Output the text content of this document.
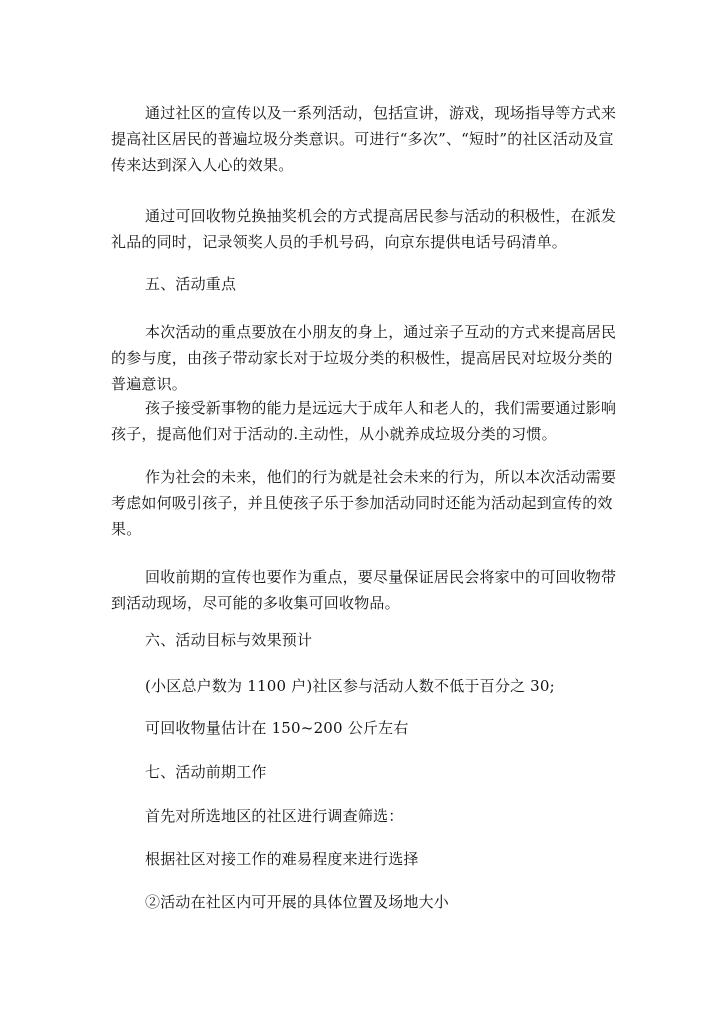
通过社区的宣传以及一系列活动，包括宣讲，游戏，现场指导等方式来提高社区居民的普遍垃圾分类意识。可进行“多次”、“短时”的社区活动及宣传来达到深入人心的效果。

通过可回收物兑换抽奖机会的方式提高居民参与活动的积极性，在派发礼品的同时，记录领奖人员的手机号码，向京东提供电话号码清单。

五、活动重点

本次活动的重点要放在小朋友的身上，通过亲子互动的方式来提高居民的参与度，由孩子带动家长对于垃圾分类的积极性，提高居民对垃圾分类的普遍意识。

孩子接受新事物的能力是远远大于成年人和老人的，我们需要通过影响孩子，提高他们对于活动的.主动性，从小就养成垃圾分类的习惯。

作为社会的未来，他们的行为就是社会未来的行为，所以本次活动需要考虑如何吸引孩子，并且使孩子乐于参加活动同时还能为活动起到宣传的效果。

回收前期的宣传也要作为重点，要尽量保证居民会将家中的可回收物带到活动现场，尽可能的多收集可回收物品。

六、活动目标与效果预计

(小区总户数为 1100 户)社区参与活动人数不低于百分之 30;

可回收物量估计在 150~200 公斤左右

七、活动前期工作

首先对所选地区的社区进行调查筛选：

根据社区对接工作的难易程度来进行选择

②活动在社区内可开展的具体位置及场地大小
